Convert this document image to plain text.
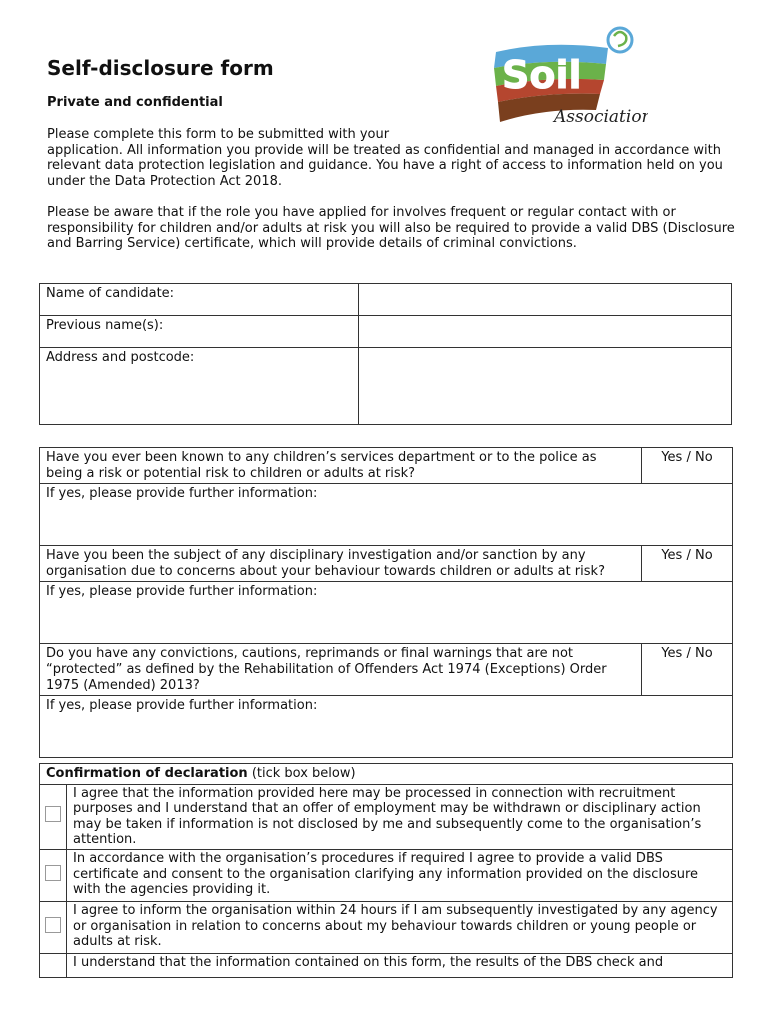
Self-disclosure form
Private and confidential
Soil
Association

Please complete this form to be submitted with your
application. All information you provide will be treated as confidential and managed in accordance with relevant data protection legislation and guidance. You have a right of access to information held on you under the Data Protection Act 2018.

Please be aware that if the role you have applied for involves frequent or regular contact with or responsibility for children and/or adults at risk you will also be required to provide a valid DBS (Disclosure and Barring Service) certificate, which will provide details of criminal convictions.

Name of candidate:	
Previous name(s):	
Address and postcode:	
Have you ever been known to any children’s services department or to the police as being a risk or potential risk to children or adults at risk?	Yes / No
If yes, please provide further information:	

Have you been the subject of any disciplinary investigation and/or sanction by any organisation due to concerns about your behaviour towards children or adults at risk?	Yes / No
If yes, please provide further information:	

Do you have any convictions, cautions, reprimands or final warnings that are not “protected” as defined by the Rehabilitation of Offenders Act 1974 (Exceptions) Order 1975 (Amended) 2013?	Yes / No
If yes, please provide further information:	

Confirmation of declaration (tick box below)	
	I agree that the information provided here may be processed in connection with recruitment purposes and I understand that an offer of employment may be withdrawn or disciplinary action may be taken if information is not disclosed by me and subsequently come to the organisation’s attention.
	In accordance with the organisation’s procedures if required I agree to provide a valid DBS certificate and consent to the organisation clarifying any information provided on the disclosure with the agencies providing it.
	I agree to inform the organisation within 24 hours if I am subsequently investigated by any agency or organisation in relation to concerns about my behaviour towards children or young people or adults at risk.
	I understand that the information contained on this form, the results of the DBS check and
